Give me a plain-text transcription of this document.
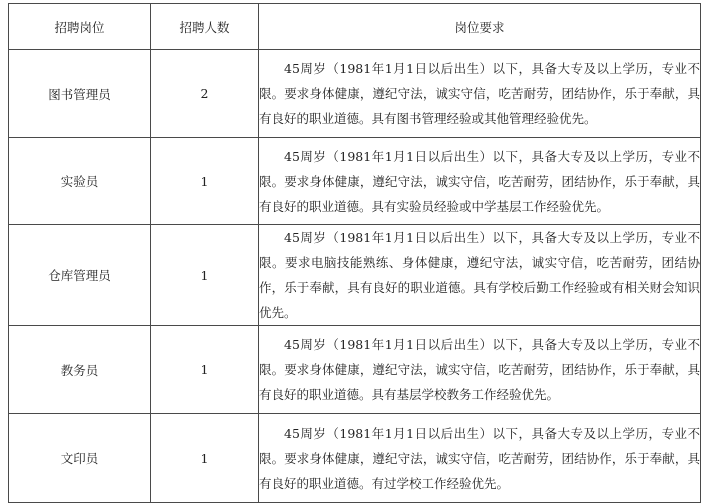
招聘岗位	招聘人数	岗位要求
图书管理员	2	45周岁（1981年1月1日以后出生）以下，具备大专及以上学历，专业不限。要求身体健康，遵纪守法，诚实守信，吃苦耐劳，团结协作，乐于奉献，具有良好的职业道德。具有图书管理经验或其他管理经验优先。
实验员	1	45周岁（1981年1月1日以后出生）以下，具备大专及以上学历，专业不限。要求身体健康，遵纪守法，诚实守信，吃苦耐劳，团结协作，乐于奉献，具有良好的职业道德。具有实验员经验或中学基层工作经验优先。
仓库管理员	1	45周岁（1981年1月1日以后出生）以下，具备大专及以上学历，专业不限。要求电脑技能熟练、身体健康，遵纪守法，诚实守信，吃苦耐劳，团结协作，乐于奉献，具有良好的职业道德。具有学校后勤工作经验或有相关财会知识优先。
教务员	1	45周岁（1981年1月1日以后出生）以下，具备大专及以上学历，专业不限。要求身体健康，遵纪守法，诚实守信，吃苦耐劳，团结协作，乐于奉献，具有良好的职业道德。具有基层学校教务工作经验优先。
文印员	1	45周岁（1981年1月1日以后出生）以下，具备大专及以上学历，专业不限。要求身体健康，遵纪守法，诚实守信，吃苦耐劳，团结协作，乐于奉献，具有良好的职业道德。有过学校工作经验优先。
